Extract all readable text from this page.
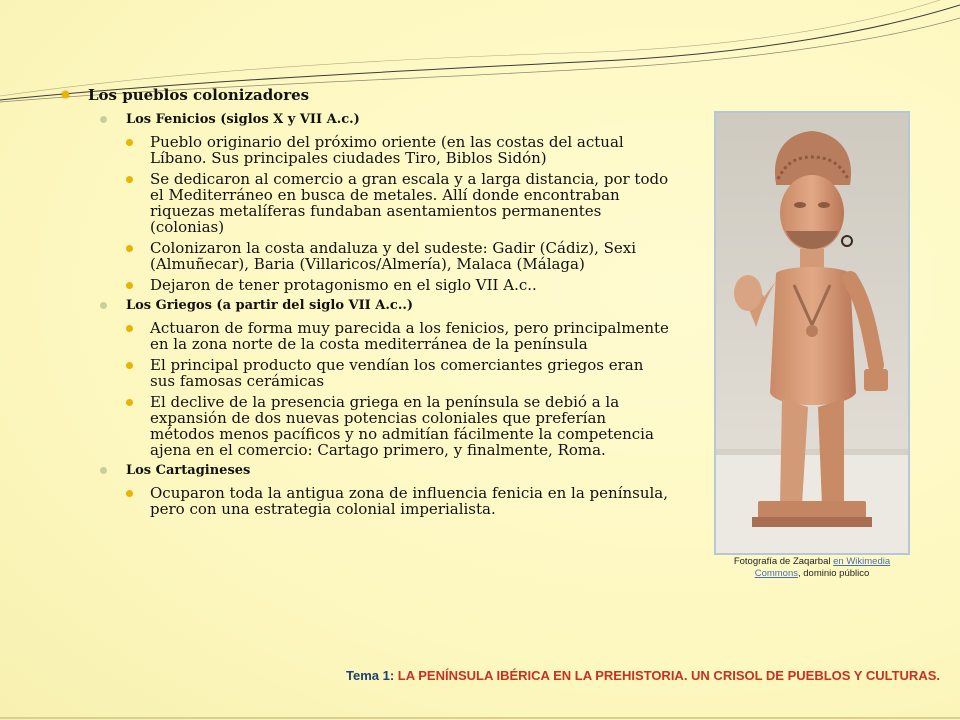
Los pueblos colonizadores
Los Fenicios (siglos X y VII A.c.)
Pueblo originario del próximo oriente (en las costas del actual Líbano. Sus principales ciudades Tiro, Biblos Sidón)
Se dedicaron al comercio a gran escala y a larga distancia, por todo el Mediterráneo en busca de metales. Allí donde encontraban riquezas metalíferas fundaban asentamientos permanentes (colonias)
Colonizaron la costa andaluza y del sudeste: Gadir (Cádiz), Sexi (Almuñecar), Baria (Villaricos/Almería), Malaca (Málaga)
Dejaron de tener protagonismo en el siglo VII A.c..
Los Griegos (a partir del siglo VII A.c..)
Actuaron de forma muy parecida a los fenicios, pero principalmente en la zona norte de la costa mediterránea de la península
El principal producto que vendían los comerciantes griegos eran sus famosas cerámicas
El declive de la presencia griega en la península se debió a la expansión de dos nuevas potencias coloniales que preferían métodos menos pacíficos y no admitían fácilmente la competencia ajena en el comercio: Cartago primero, y finalmente, Roma.
Los Cartagineses
Ocuparon toda la antigua zona de influencia fenicia en la península, pero con una estrategia colonial imperialista.
Fotografía de Zaqarbal en Wikimedia Commons, dominio público
Tema 1: LA PENÍNSULA IBÉRICA EN LA PREHISTORIA. UN CRISOL DE PUEBLOS Y CULTURAS.
